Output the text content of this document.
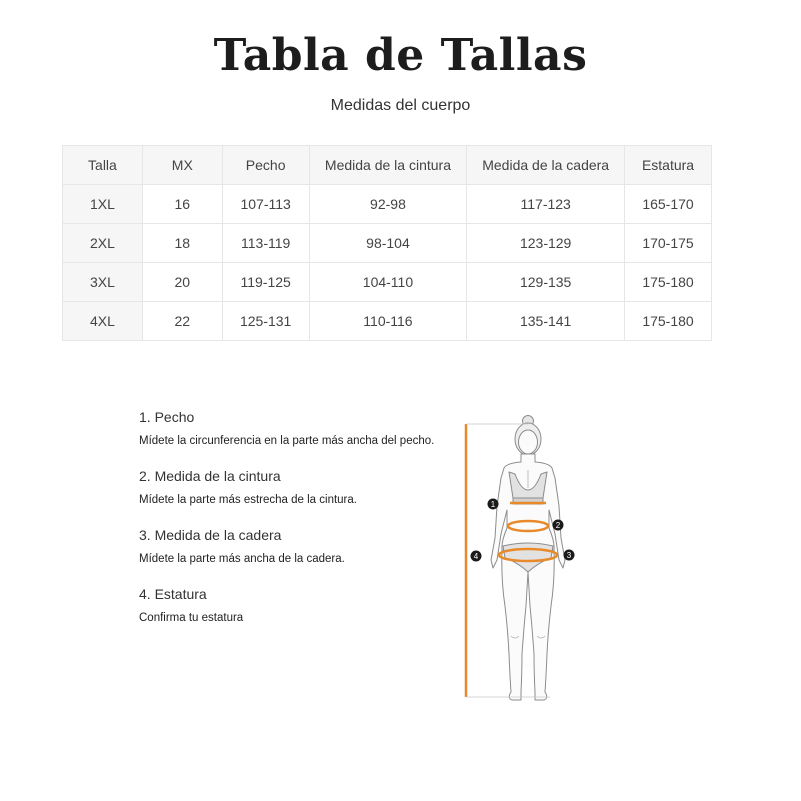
Tabla de Tallas

Medidas del cuerpo

Talla	MX	Pecho	Medida de la cintura	Medida de la cadera	Estatura
1XL	16	107-113	92-98	117-123	165-170
2XL	18	113-119	98-104	123-129	170-175
3XL	20	119-125	104-110	129-135	175-180
4XL	22	125-131	110-116	135-141	175-180
1. Pecho
Mídete la circunferencia en la parte más ancha del pecho.
2. Medida de la cintura
Mídete la parte más estrecha de la cintura.
3. Medida de la cadera
Mídete la parte más ancha de la cadera.
4. Estatura
Confirma tu estatura
1
2
3
4
